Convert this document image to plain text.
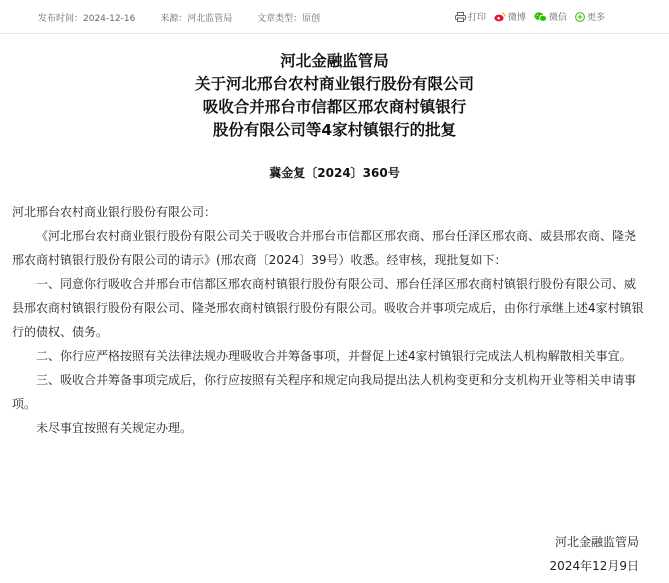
发布时间：2024-12-16	来源：河北监管局	文章类型：原创	打印 微博	微信 更多
河北金融监管局
关于河北邢台农村商业银行股份有限公司
吸收合并邢台市信都区邢农商村镇银行
股份有限公司等4家村镇银行的批复
冀金复〔2024〕360号

河北邢台农村商业银行股份有限公司：

《河北邢台农村商业银行股份有限公司关于吸收合并邢台市信都区邢农商、邢台任泽区邢农商、威县邢农商、隆尧邢农商村镇银行股份有限公司的请示》(邢农商〔2024〕39号）收悉。经审核，现批复如下：

一、同意你行吸收合并邢台市信都区邢农商村镇银行股份有限公司、邢台任泽区邢农商村镇银行股份有限公司、威县邢农商村镇银行股份有限公司、隆尧邢农商村镇银行股份有限公司。吸收合并事项完成后，由你行承继上述4家村镇银行的债权、债务。

二、你行应严格按照有关法律法规办理吸收合并筹备事项，并督促上述4家村镇银行完成法人机构解散相关事宜。

三、吸收合并筹备事项完成后，你行应按照有关程序和规定向我局提出法人机构变更和分支机构开业等相关申请事项。

未尽事宜按照有关规定办理。

河北金融监管局
2024年12月9日
